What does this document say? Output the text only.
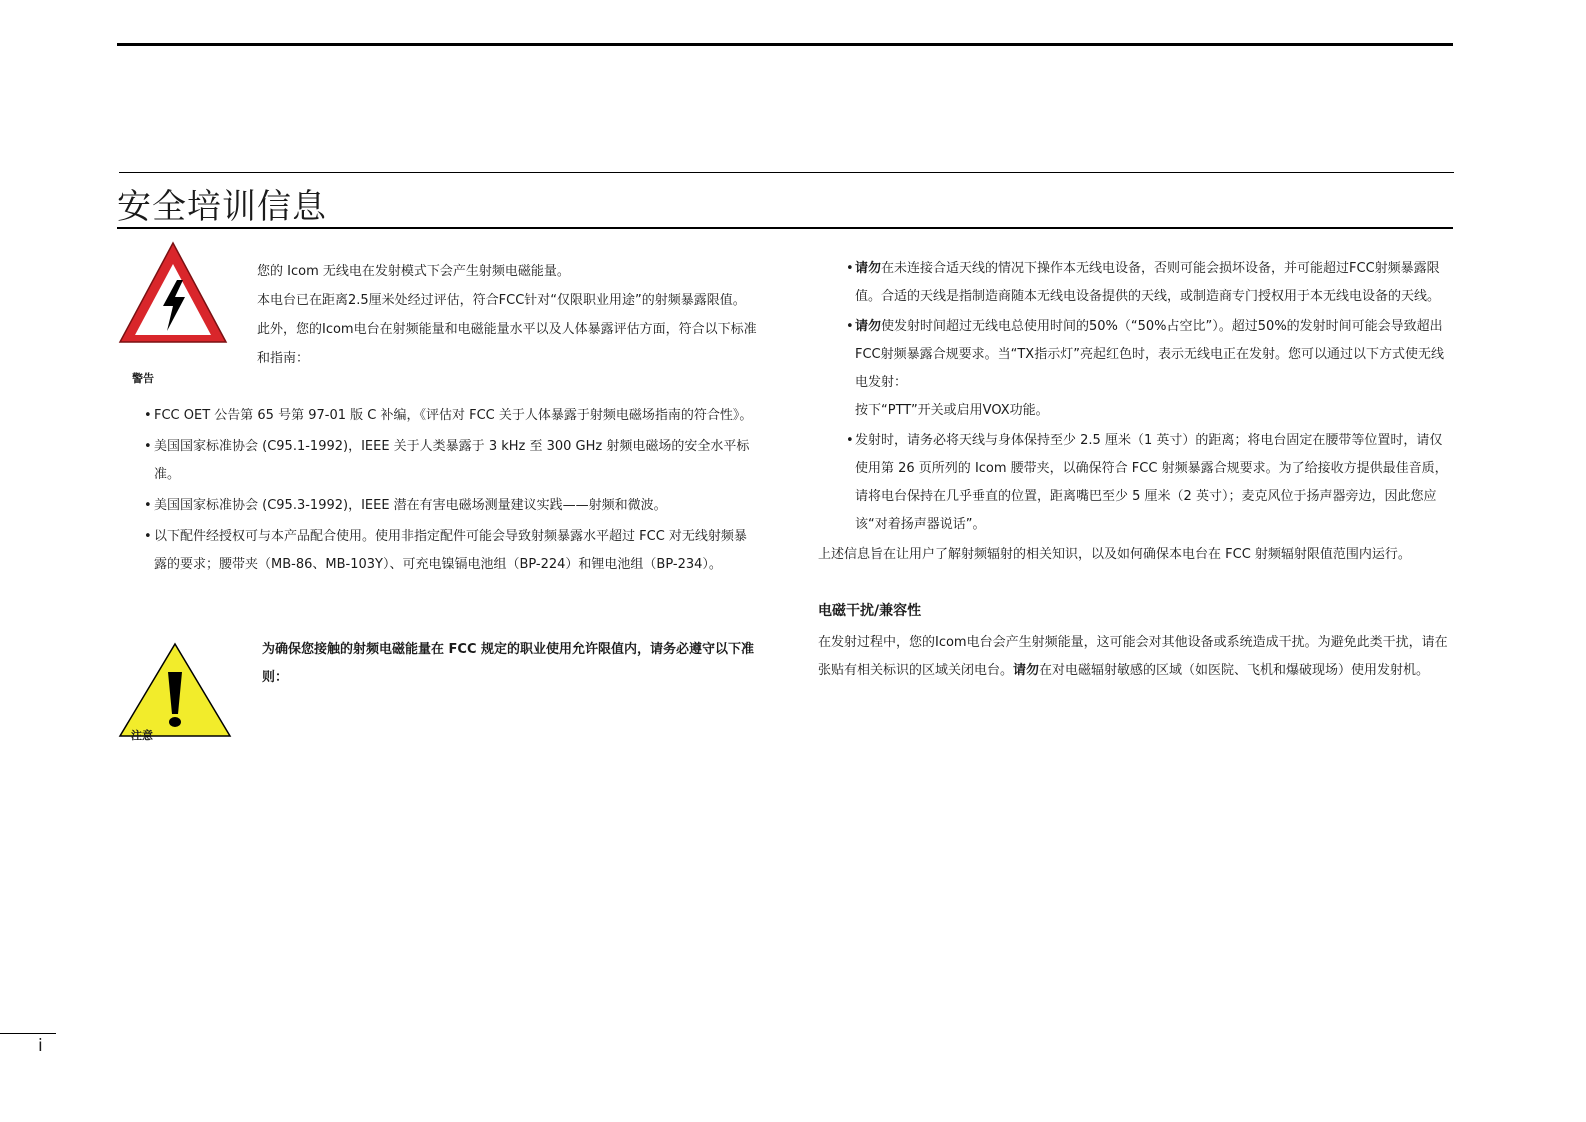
安全培训信息
警告

您的 Icom 无线电在发射模式下会产生射频电磁能量。

本电台已在距离2.5厘米处经过评估，符合FCC针对“仅限职业用途”的射频暴露限值。

此外，您的Icom电台在射频能量和电磁能量水平以及人体暴露评估方面，符合以下标准和指南：

• FCC OET 公告第 65 号第 97-01 版 C 补编，《评估对 FCC 关于人体暴露于射频电磁场指南的符合性》。

• 美国国家标准协会 (C95.1-1992)，IEEE 关于人类暴露于 3 kHz 至 300 GHz 射频电磁场的安全水平标准。

• 美国国家标准协会 (C95.3-1992)，IEEE 潜在有害电磁场测量建议实践——射频和微波。

• 以下配件经授权可与本产品配合使用。使用非指定配件可能会导致射频暴露水平超过 FCC 对无线射频暴露的要求；腰带夹（MB-86、MB-103Y）、可充电镍镉电池组（BP-224）和锂电池组（BP-234）。

注意
为确保您接触的射频电磁能量在 FCC 规定的职业使用允许限值内，请务必遵守以下准则：

• 请勿在未连接合适天线的情况下操作本无线电设备，否则可能会损坏设备，并可能超过FCC射频暴露限值。合适的天线是指制造商随本无线电设备提供的天线，或制造商专门授权用于本无线电设备的天线。

• 请勿使发射时间超过无线电总使用时间的50%（“50%占空比”）。超过50%的发射时间可能会导致超出FCC射频暴露合规要求。当“TX指示灯”亮起红色时，表示无线电正在发射。您可以通过以下方式使无线电发射：
按下“PTT”开关或启用VOX功能。

• 发射时，请务必将天线与身体保持至少 2.5 厘米（1 英寸）的距离；将电台固定在腰带等位置时，请仅使用第 26 页所列的 Icom 腰带夹，以确保符合 FCC 射频暴露合规要求。为了给接收方提供最佳音质，请将电台保持在几乎垂直的位置，距离嘴巴至少 5 厘米（2 英寸）；麦克风位于扬声器旁边，因此您应该“对着扬声器说话”。

上述信息旨在让用户了解射频辐射的相关知识，以及如何确保本电台在 FCC 射频辐射限值范围内运行。
电磁干扰/兼容性
在发射过程中，您的Icom电台会产生射频能量，这可能会对其他设备或系统造成干扰。为避免此类干扰，请在张贴有相关标识的区域关闭电台。请勿在对电磁辐射敏感的区域（如医院、飞机和爆破现场）使用发射机。
i
